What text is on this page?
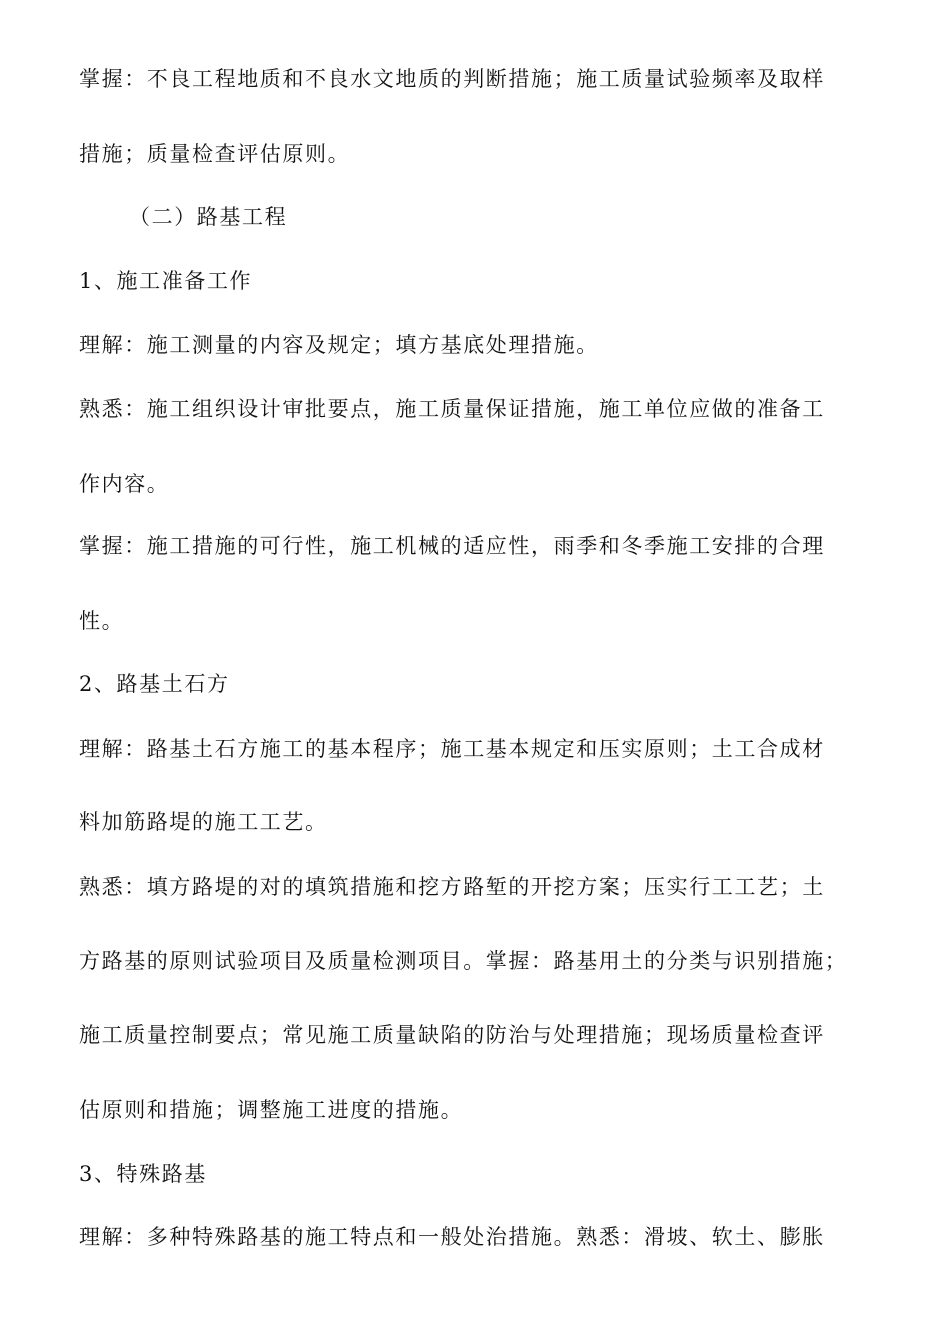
掌握：不良工程地质和不良水文地质的判断措施；施工质量试验频率及取样
措施；质量检查评估原则。
（二）路基工程
1、施工准备工作
理解：施工测量的内容及规定；填方基底处理措施。
熟悉：施工组织设计审批要点，施工质量保证措施，施工单位应做的准备工
作内容。
掌握：施工措施的可行性，施工机械的适应性，雨季和冬季施工安排的合理
性。
2、路基土石方
理解：路基土石方施工的基本程序；施工基本规定和压实原则；土工合成材
料加筋路堤的施工工艺。
熟悉：填方路堤的对的填筑措施和挖方路堑的开挖方案；压实行工工艺；土
方路基的原则试验项目及质量检测项目。掌握：路基用土的分类与识别措施；
施工质量控制要点；常见施工质量缺陷的防治与处理措施；现场质量检查评
估原则和措施；调整施工进度的措施。
3、特殊路基
理解：多种特殊路基的施工特点和一般处治措施。熟悉：滑坡、软土、膨胀
